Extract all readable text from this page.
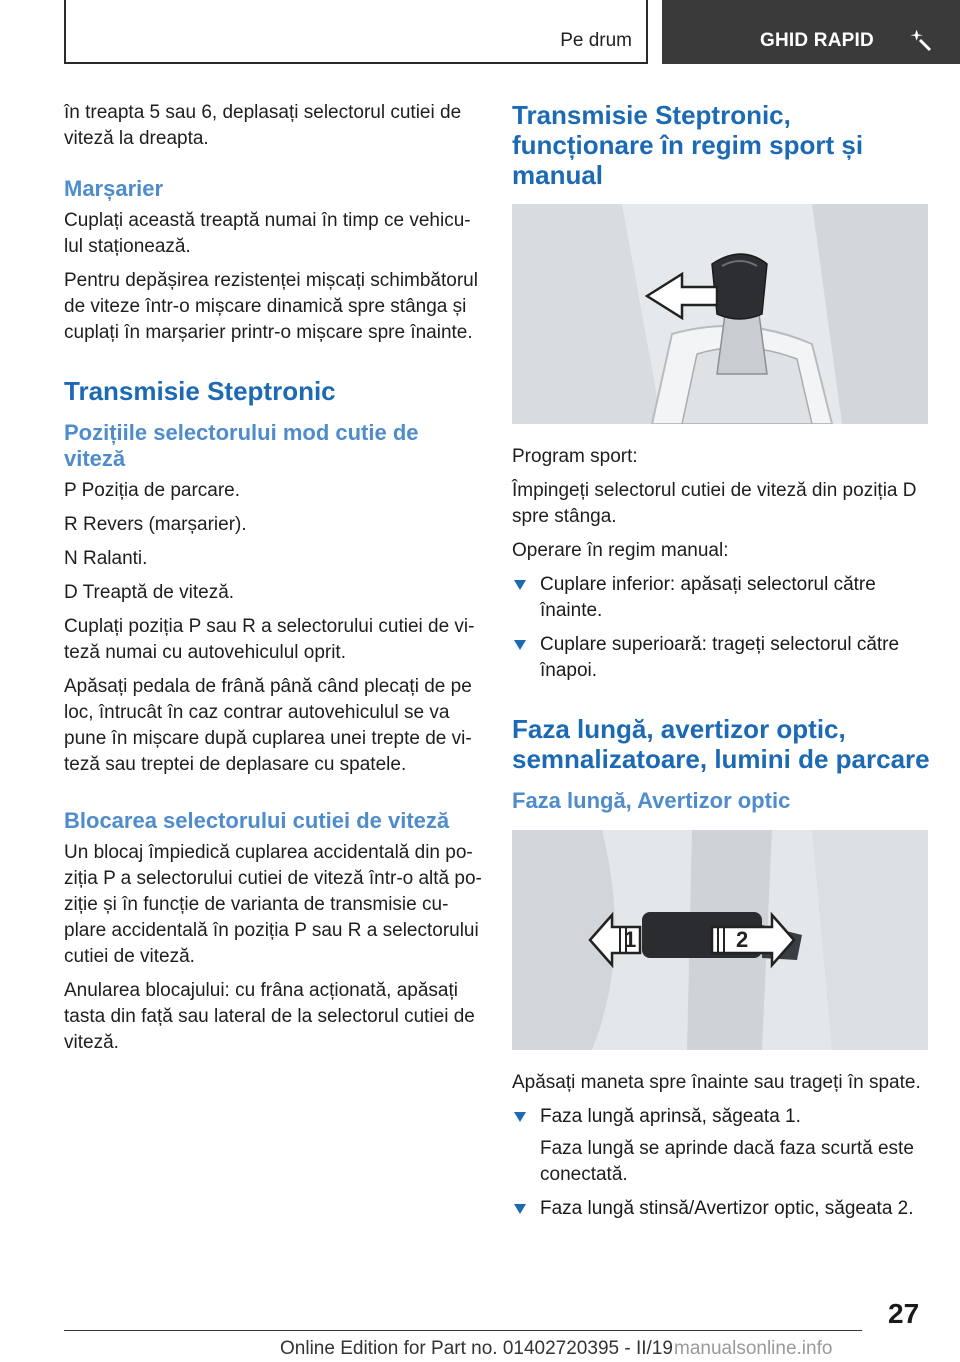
Pe drum	GHID RAPID

în treapta 5 sau 6, deplasați selectorul cutiei de viteză la dreapta.

Marșarier

Cuplați această treaptă numai în timp ce vehicu-lul staționează.

Pentru depășirea rezistenței mișcați schimbătorul de viteze într-o mișcare dinamică spre stânga și cuplați în marșarier printr-o mișcare spre înainte.

Transmisie Steptronic
Pozițiile selectorului mod cutie de viteză

P Poziția de parcare.

R Revers (marșarier).

N Ralanti.

D Treaptă de viteză.

Cuplați poziția P sau R a selectorului cutiei de vi-teză numai cu autovehiculul oprit.

Apăsați pedala de frână până când plecați de pe loc, întrucât în caz contrar autovehiculul se va pune în mișcare după cuplarea unei trepte de vi-teză sau treptei de deplasare cu spatele.

Blocarea selectorului cutiei de viteză

Un blocaj împiedică cuplarea accidentală din po-ziția P a selectorului cutiei de viteză într-o altă po-ziție și în funcție de varianta de transmisie cu-plare accidentală în poziția P sau R a selectorului cutiei de viteză.

Anularea blocajului: cu frâna acționată, apăsați tasta din față sau lateral de la selectorul cutiei de viteză.

Transmisie Steptronic, funcționare în regim sport și manual

Program sport:

Împingeți selectorul cutiei de viteză din poziția D spre stânga.

Operare în regim manual:

Cuplare inferior: apăsați selectorul către înainte.
Cuplare superioară: trageți selectorul către înapoi.
Faza lungă, avertizor optic, semnalizatoare, lumini de parcare
Faza lungă, Avertizor optic
1	2

Apăsați maneta spre înainte sau trageți în spate.

Faza lungă aprinsă, săgeata 1.

Faza lungă se aprinde dacă faza scurtă este conectată.

Faza lungă stinsă/Avertizor optic, săgeata 2.
27
Online Edition for Part no. 01402720395 - II/19 manualsonline.info
